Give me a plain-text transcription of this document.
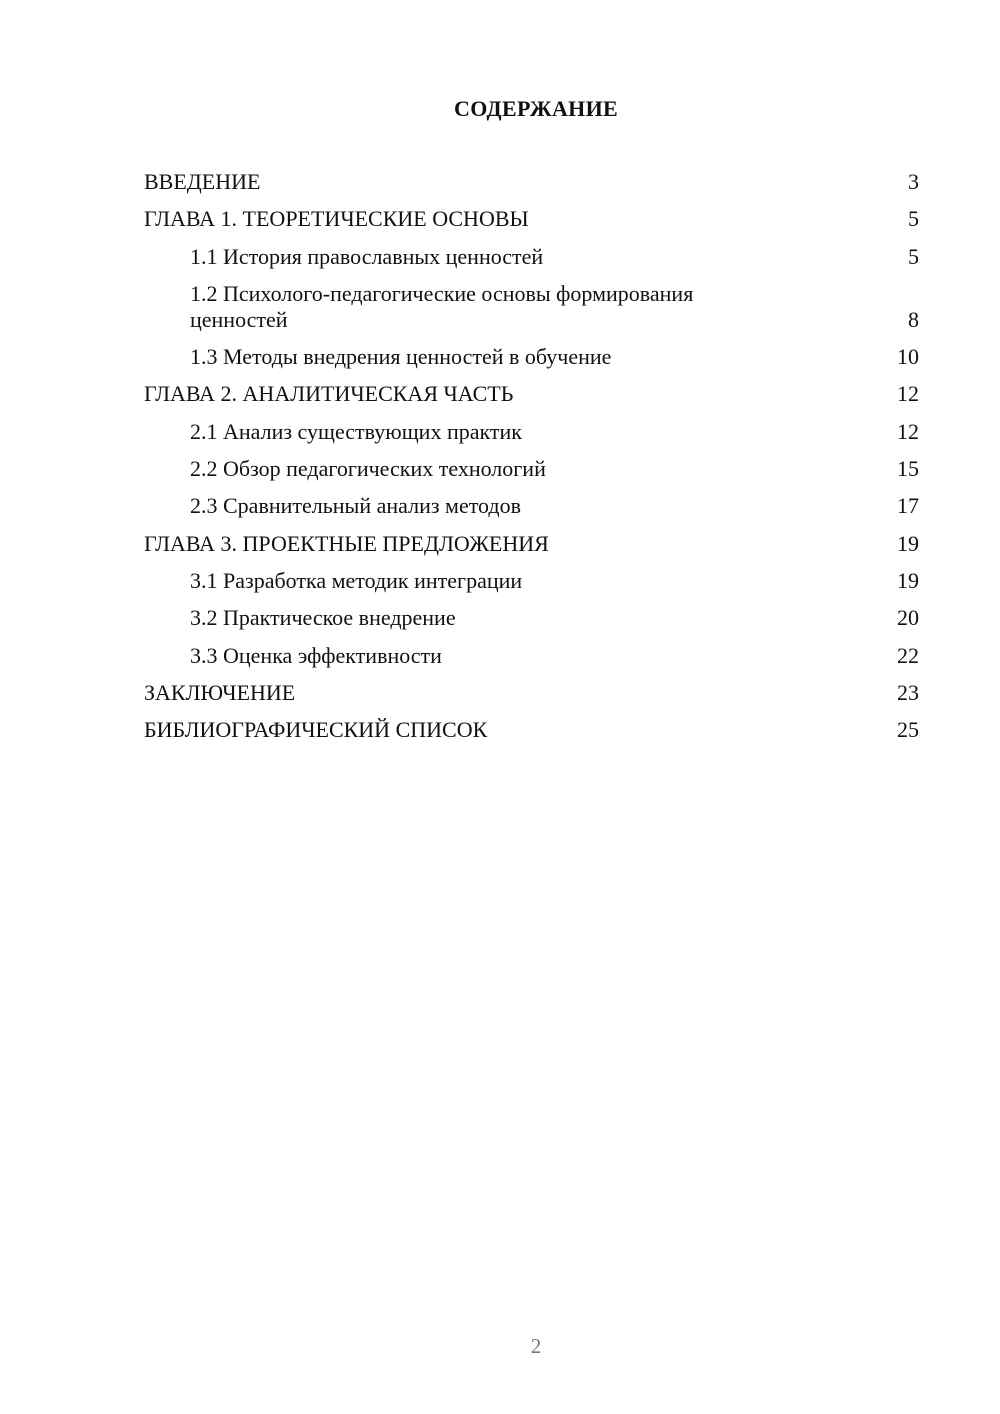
СОДЕРЖАНИЕ
ВВЕДЕНИЕ	3
ГЛАВА 1. ТЕОРЕТИЧЕСКИЕ ОСНОВЫ	5
1.1 История православных ценностей	5
1.2 Психолого-педагогические основы формирования ценностей	8
1.3 Методы внедрения ценностей в обучение	10
ГЛАВА 2. АНАЛИТИЧЕСКАЯ ЧАСТЬ	12
2.1 Анализ существующих практик	12
2.2 Обзор педагогических технологий	15
2.3 Сравнительный анализ методов	17
ГЛАВА 3. ПРОЕКТНЫЕ ПРЕДЛОЖЕНИЯ	19
3.1 Разработка методик интеграции	19
3.2 Практическое внедрение	20
3.3 Оценка эффективности	22
ЗАКЛЮЧЕНИЕ	23
БИБЛИОГРАФИЧЕСКИЙ СПИСОК	25
2
